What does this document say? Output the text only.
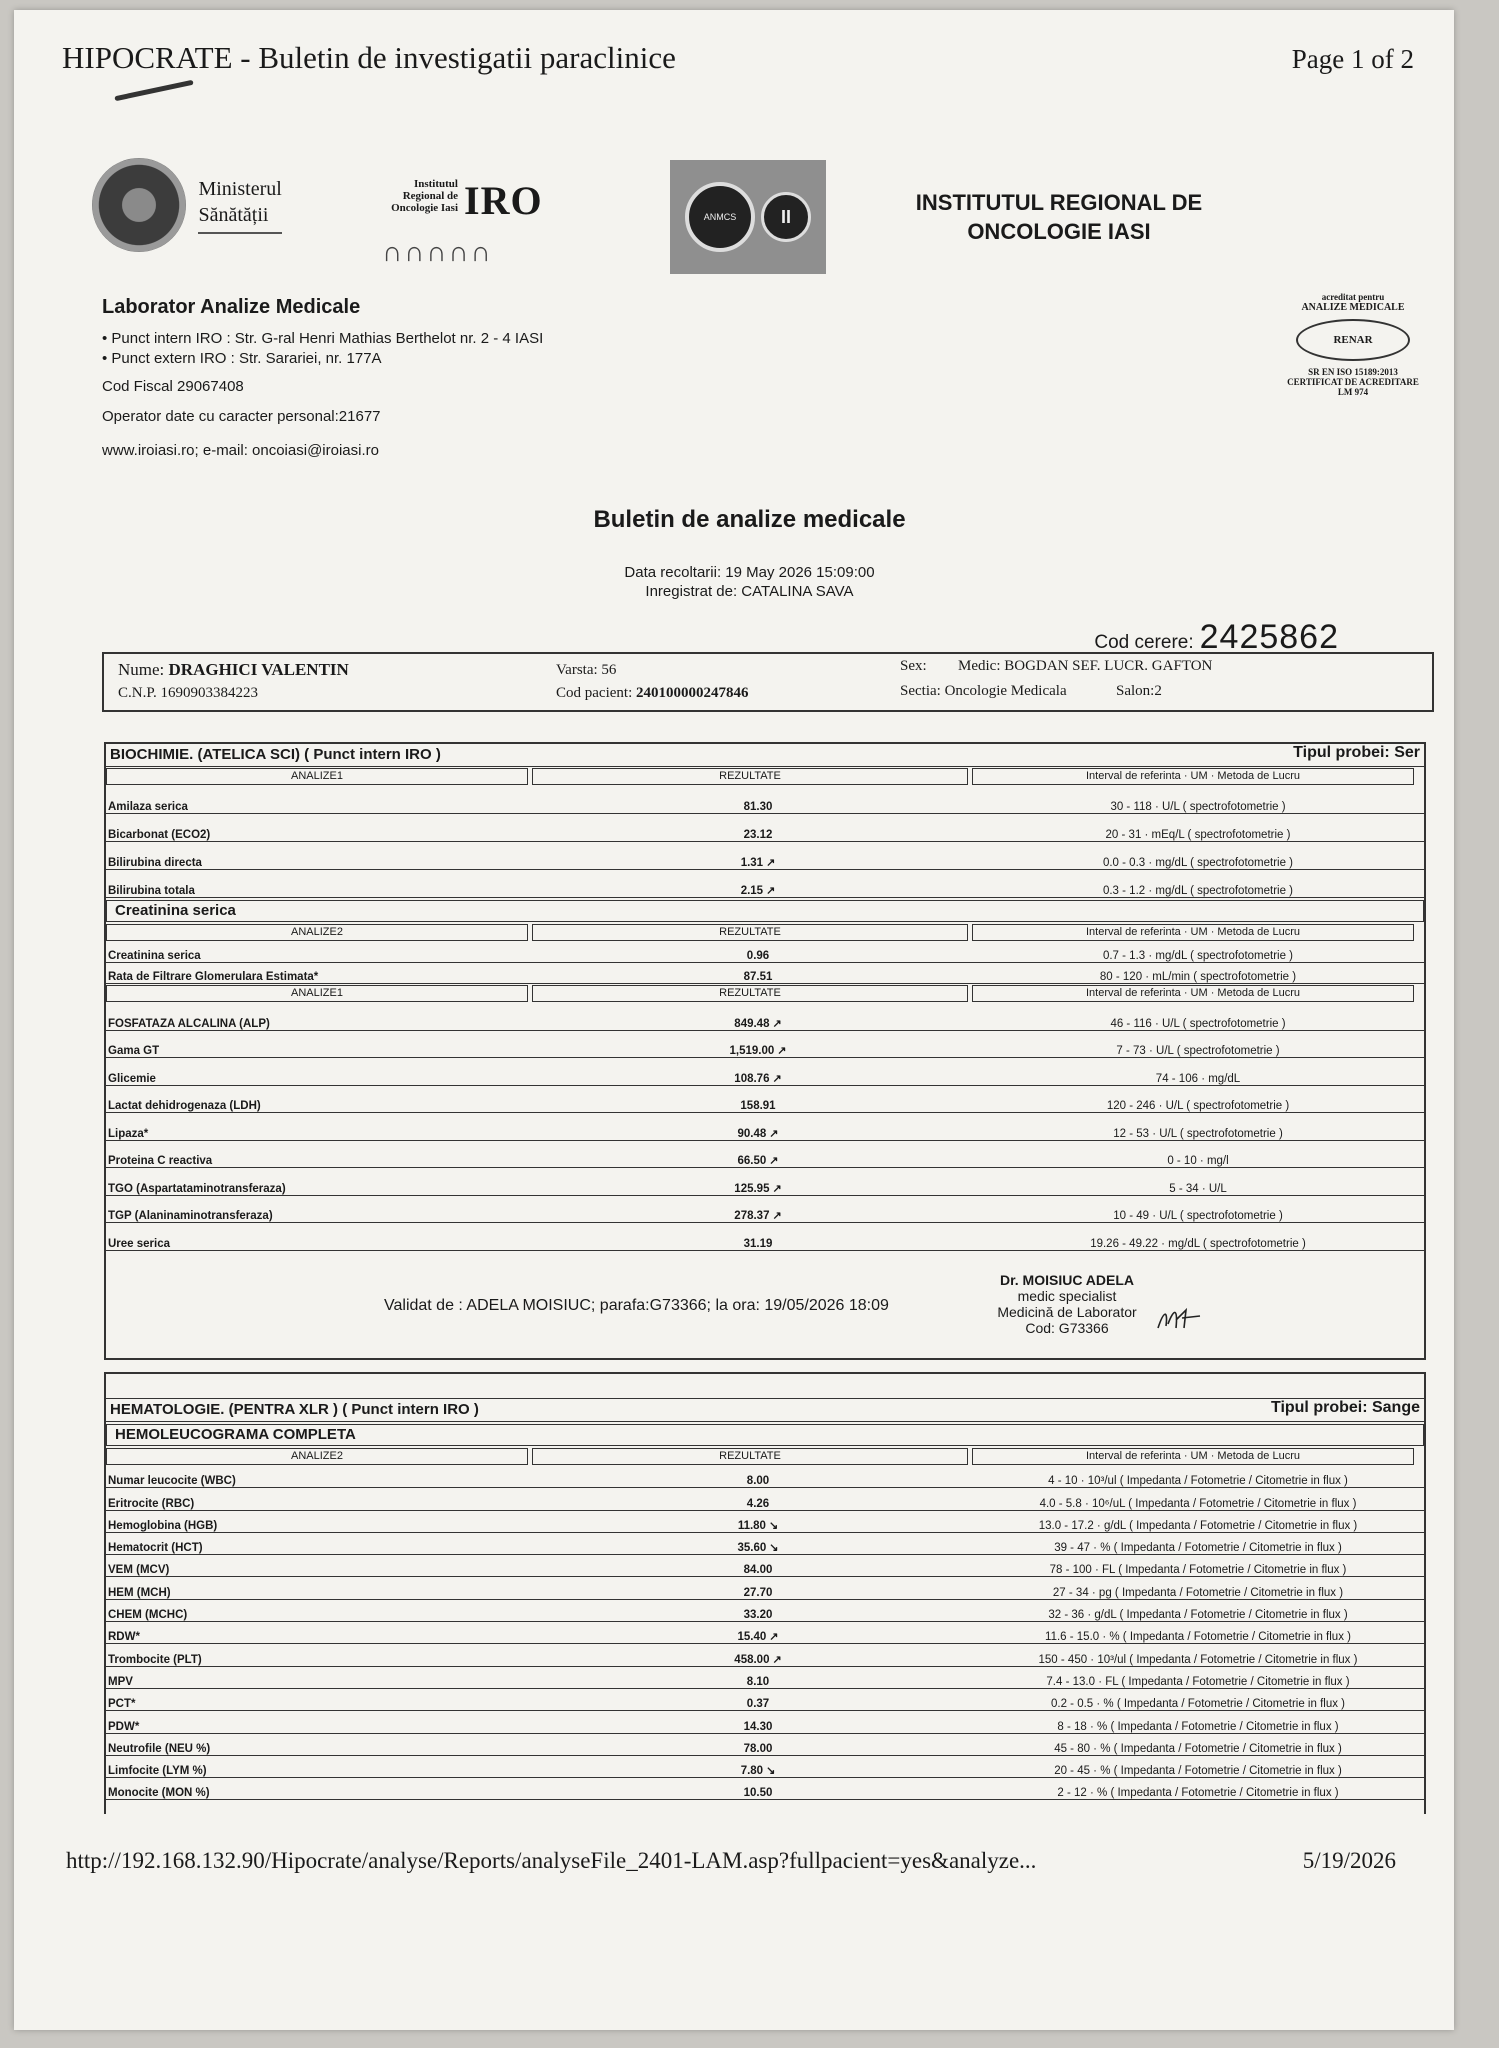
HIPOCRATE - Buletin de investigatii paraclinice	Page 1 of 2
Ministerul
Sănătății
Institutul
Regional de
Oncologie Iasi IRO
∩∩∩∩∩
ANMCS	II
INSTITUTUL REGIONAL DE
ONCOLOGIE IASI
Laborator Analize Medicale
• Punct intern IRO : Str. G-ral Henri Mathias Berthelot nr. 2 - 4 IASI
• Punct extern IRO : Str. Sarariei, nr. 177A
Cod Fiscal 29067408
Operator date cu caracter personal:21677
www.iroiasi.ro; e-mail: oncoiasi@iroiasi.ro
acreditat pentru
ANALIZE MEDICALE
RENAR
SR EN ISO 15189:2013
CERTIFICAT DE ACREDITARE
LM 974
Buletin de analize medicale
Data recoltarii: 19 May 2026 15:09:00
Inregistrat de: CATALINA SAVA
Cod cerere: 2425862
Nume: DRAGHICI VALENTIN
C.N.P. 1690903384223
Varsta: 56
Cod pacient: 240100000247846
Sex: Medic: BOGDAN SEF. LUCR. GAFTON
Sectia: Oncologie Medicala	Salon:2
BIOCHIMIE. (ATELICA SCI) ( Punct intern IRO )	Tipul probei: Ser
ANALIZE1	REZULTATE	Interval de referinta · UM · Metoda de Lucru
Amilaza serica	81.30	30 - 118 · U/L ( spectrofotometrie )
Bicarbonat (ECO2)	23.12	20 - 31 · mEq/L ( spectrofotometrie )
Bilirubina directa	1.31 ↗	0.0 - 0.3 · mg/dL ( spectrofotometrie )
Bilirubina totala	2.15 ↗	0.3 - 1.2 · mg/dL ( spectrofotometrie )
Creatinina serica
ANALIZE2	REZULTATE	Interval de referinta · UM · Metoda de Lucru
Creatinina serica	0.96	0.7 - 1.3 · mg/dL ( spectrofotometrie )
Rata de Filtrare Glomerulara Estimata*	87.51	80 - 120 · mL/min ( spectrofotometrie )
ANALIZE1	REZULTATE	Interval de referinta · UM · Metoda de Lucru
FOSFATAZA ALCALINA (ALP)	849.48 ↗	46 - 116 · U/L ( spectrofotometrie )
Gama GT	1,519.00 ↗	7 - 73 · U/L ( spectrofotometrie )
Glicemie	108.76 ↗	74 - 106 · mg/dL
Lactat dehidrogenaza (LDH)	158.91	120 - 246 · U/L ( spectrofotometrie )
Lipaza*	90.48 ↗	12 - 53 · U/L ( spectrofotometrie )
Proteina C reactiva	66.50 ↗	0 - 10 · mg/l
TGO (Aspartataminotransferaza)	125.95 ↗	5 - 34 · U/L
TGP (Alaninaminotransferaza)	278.37 ↗	10 - 49 · U/L ( spectrofotometrie )
Uree serica	31.19	19.26 - 49.22 · mg/dL ( spectrofotometrie )
Validat de : ADELA MOISIUC; parafa:G73366; la ora: 19/05/2026 18:09
Dr. MOISIUC ADELA
medic specialist
Medicină de Laborator
Cod: G73366
HEMATOLOGIE. (PENTRA XLR ) ( Punct intern IRO )	Tipul probei: Sange
HEMOLEUCOGRAMA COMPLETA
ANALIZE2	REZULTATE	Interval de referinta · UM · Metoda de Lucru
Numar leucocite (WBC)	8.00	4 - 10 · 10³/ul ( Impedanta / Fotometrie / Citometrie in flux )
Eritrocite (RBC)	4.26	4.0 - 5.8 · 10⁶/uL ( Impedanta / Fotometrie / Citometrie in flux )
Hemoglobina (HGB)	11.80 ↘	13.0 - 17.2 · g/dL ( Impedanta / Fotometrie / Citometrie in flux )
Hematocrit (HCT)	35.60 ↘	39 - 47 · % ( Impedanta / Fotometrie / Citometrie in flux )
VEM (MCV)	84.00	78 - 100 · FL ( Impedanta / Fotometrie / Citometrie in flux )
HEM (MCH)	27.70	27 - 34 · pg ( Impedanta / Fotometrie / Citometrie in flux )
CHEM (MCHC)	33.20	32 - 36 · g/dL ( Impedanta / Fotometrie / Citometrie in flux )
RDW*	15.40 ↗	11.6 - 15.0 · % ( Impedanta / Fotometrie / Citometrie in flux )
Trombocite (PLT)	458.00 ↗	150 - 450 · 10³/ul ( Impedanta / Fotometrie / Citometrie in flux )
MPV	8.10	7.4 - 13.0 · FL ( Impedanta / Fotometrie / Citometrie in flux )
PCT*	0.37	0.2 - 0.5 · % ( Impedanta / Fotometrie / Citometrie in flux )
PDW*	14.30	8 - 18 · % ( Impedanta / Fotometrie / Citometrie in flux )
Neutrofile (NEU %)	78.00	45 - 80 · % ( Impedanta / Fotometrie / Citometrie in flux )
Limfocite (LYM %)	7.80 ↘	20 - 45 · % ( Impedanta / Fotometrie / Citometrie in flux )
Monocite (MON %)	10.50	2 - 12 · % ( Impedanta / Fotometrie / Citometrie in flux )
http://192.168.132.90/Hipocrate/analyse/Reports/analyseFile_2401-LAM.asp?fullpacient=yes&analyze...	5/19/2026
